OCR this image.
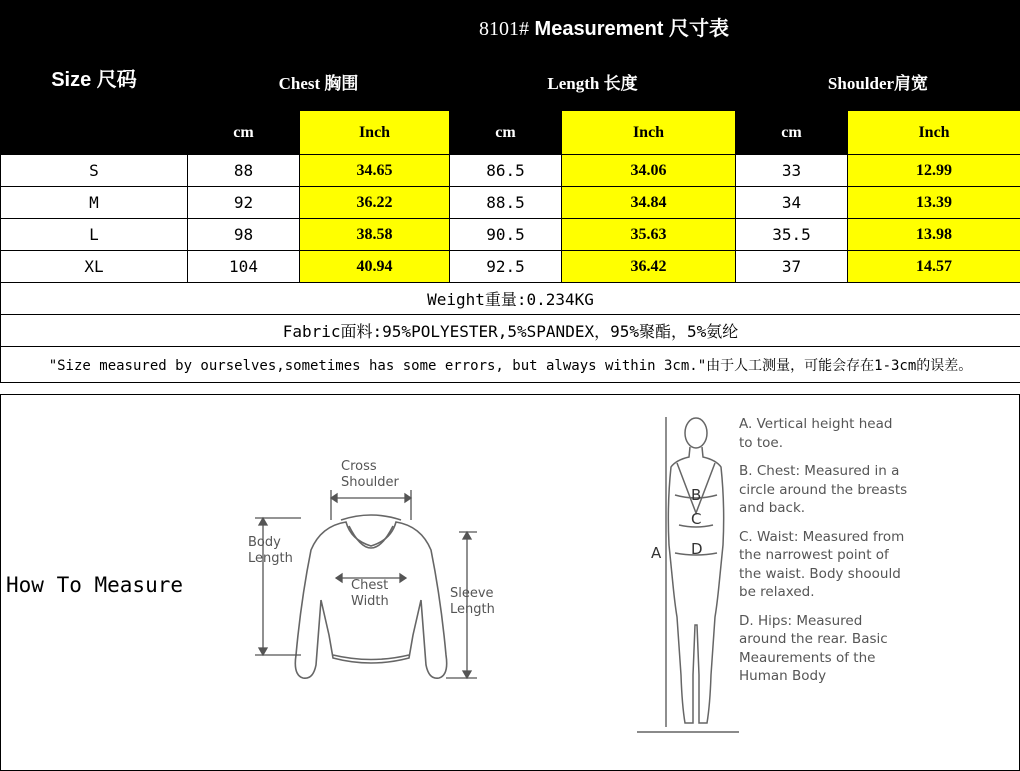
Size 尺码	8101# Measurement 尺寸表					
	Chest 胸围		Length 长度		Shoulder肩宽	
	cm	Inch	cm	Inch	cm	Inch
S	88	34.65	86.5	34.06	33	12.99
M	92	36.22	88.5	34.84	34	13.39
L	98	38.58	90.5	35.63	35.5	13.98
XL	104	40.94	92.5	36.42	37	14.57
Weight重量:0.234KG						
Fabric面料:95%POLYESTER,5%SPANDEX，95%聚酯，5%氨纶						
"Size measured by ourselves,sometimes has some errors, but always within 3cm."由于人工测量，可能会存在1-3cm的误差。						
How To Measure
Cross
Shoulder
Body
Length
Chest
Width
Sleeve
Length
A
B
C
D

A. Vertical height head to toe.

B. Chest: Measured in a circle around the breasts and back.

C. Waist: Measured from the narrowest point of the waist. Body shoould be relaxed.

D. Hips: Measured around the rear. Basic Meaurements of the Human Body
